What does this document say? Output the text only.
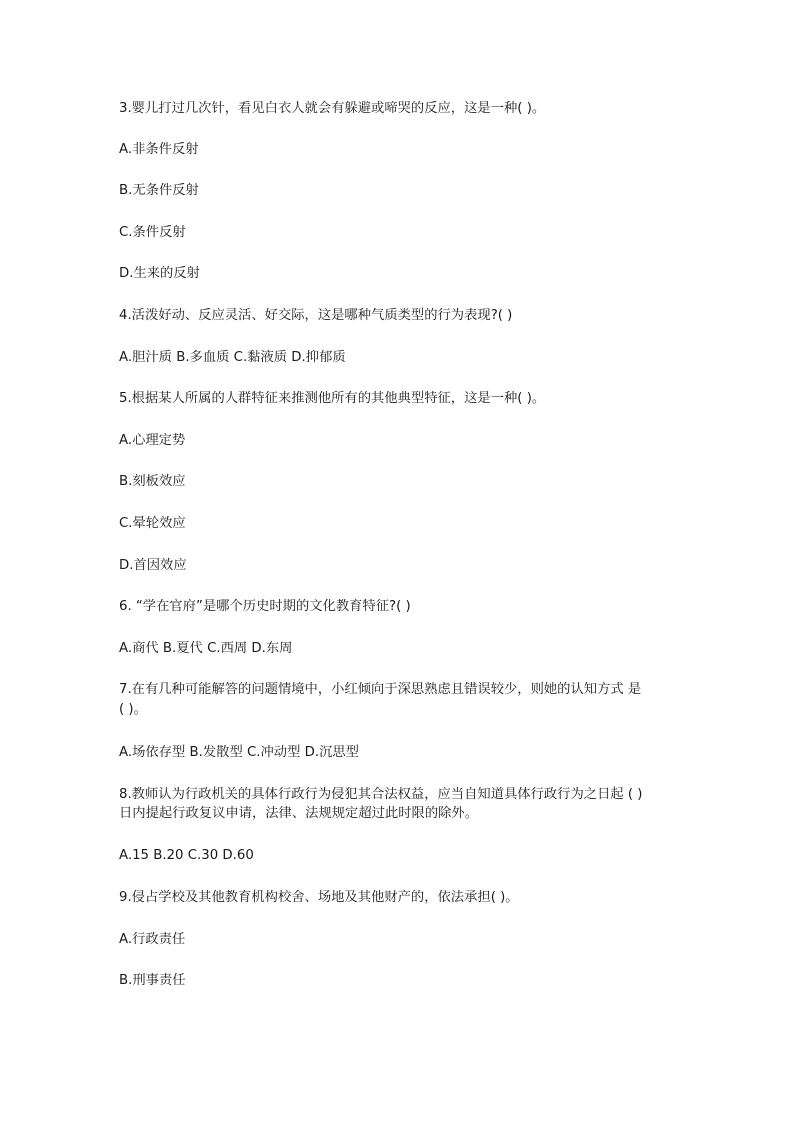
3.婴儿打过几次针，看见白衣人就会有躲避或啼哭的反应，这是一种( )。
A.非条件反射
B.无条件反射
C.条件反射
D.生来的反射
4.活泼好动、反应灵活、好交际，这是哪种气质类型的行为表现?( )
A.胆汁质 B.多血质 C.黏液质 D.抑郁质
5.根据某人所属的人群特征来推测他所有的其他典型特征，这是一种( )。
A.心理定势
B.刻板效应
C.晕轮效应
D.首因效应
6. “学在官府”是哪个历史时期的文化教育特征?( )
A.商代 B.夏代 C.西周 D.东周
7.在有几种可能解答的问题情境中，小红倾向于深思熟虑且错误较少，则她的认知方式 是
( )。
A.场依存型 B.发散型 C.冲动型 D.沉思型
8.教师认为行政机关的具体行政行为侵犯其合法权益，应当自知道具体行政行为之日起 ( )
日内提起行政复议申请，法律、法规规定超过此时限的除外。
A.15 B.20 C.30 D.60
9.侵占学校及其他教育机构校舍、场地及其他财产的，依法承担( )。
A.行政责任
B.刑事责任
